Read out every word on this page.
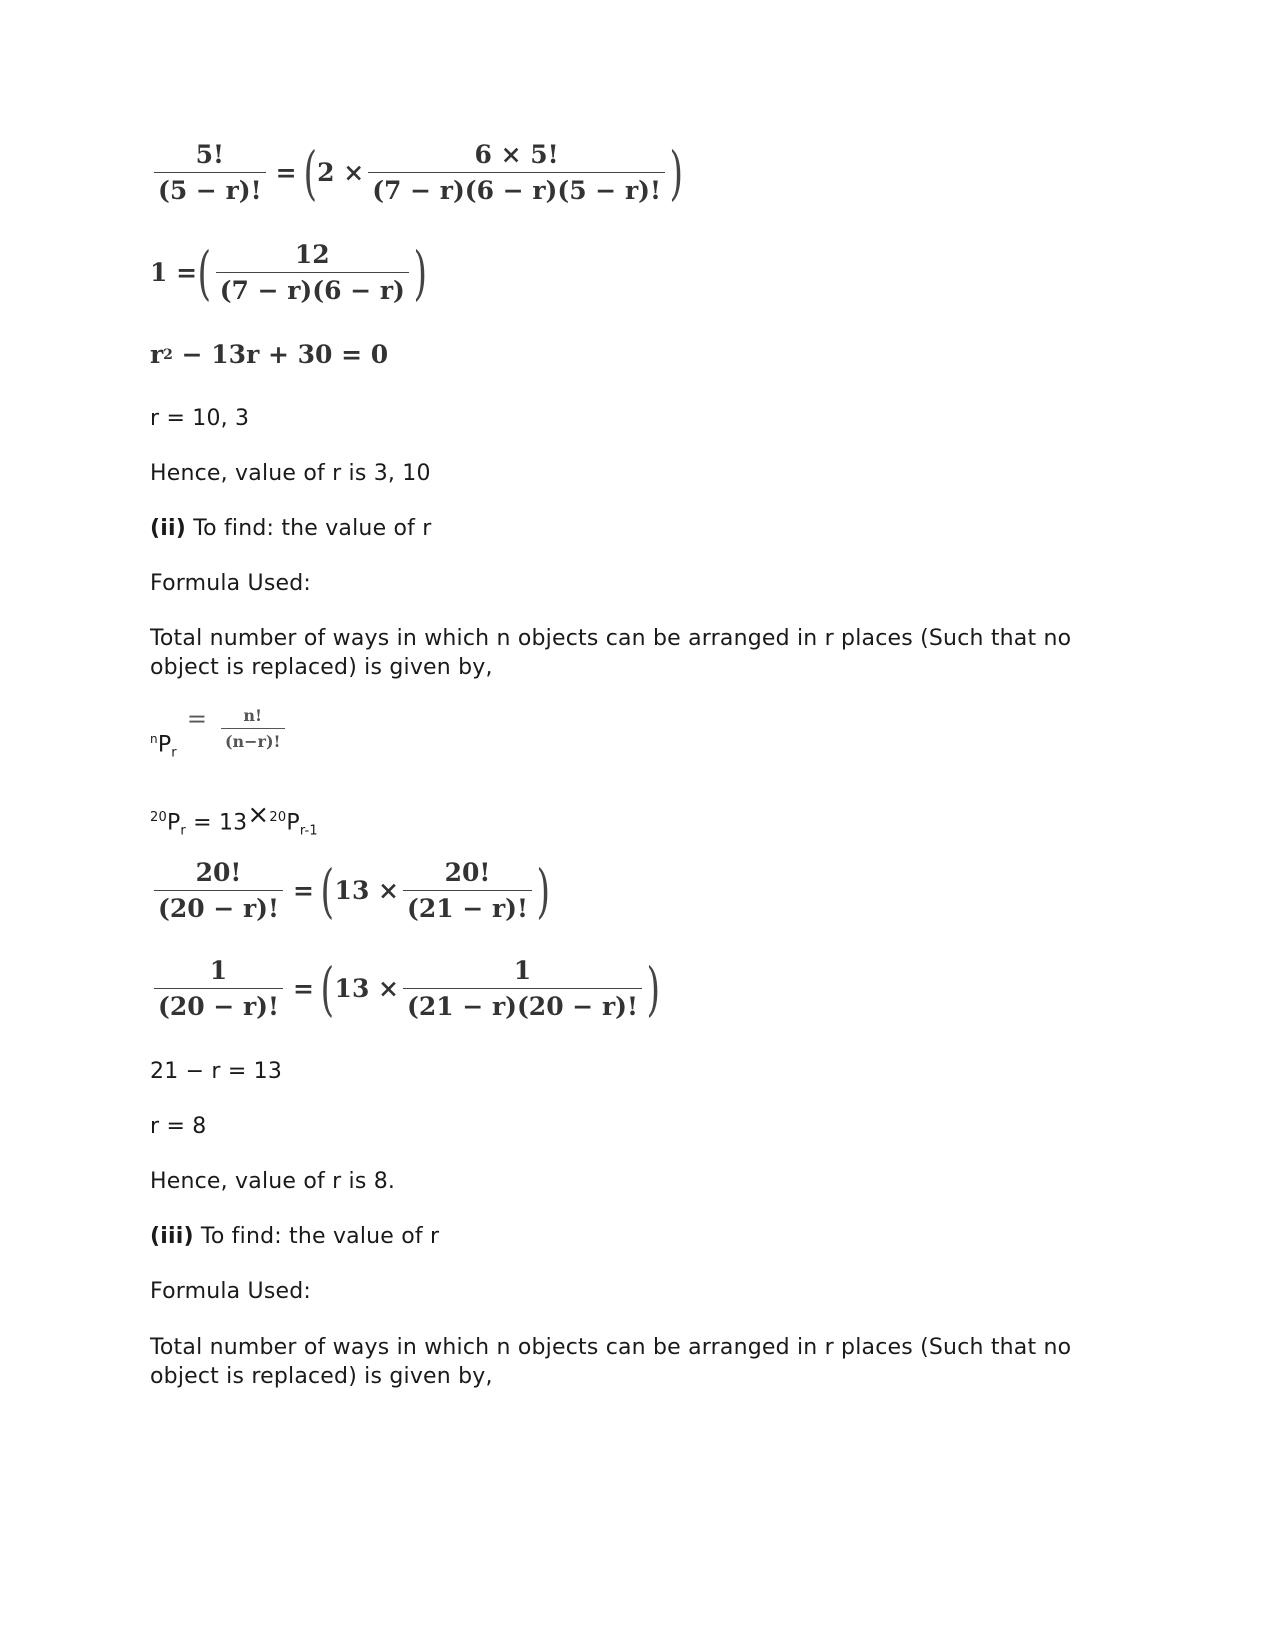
$\frac{5!}{(5 - r)!}$ = ( $2 \times \frac{6 \times 5!}{(7 - r)(6 - r)(5 - r)!}$ )
1 = ( $\frac{12}{(7 - r)(6 - r)}$ )
r 2 − 13r + 30 = 0
r = 10, 3
Hence, value of r is 3, 10
(ii) To find: the value of r
Formula Used:
Total number of ways in which n objects can be arranged in r places (Such that no
object is replaced) is given by,
$^nP_r$
= $\frac{n!}{(n-r)!}$
$^{20}P_r = 13\times^{20}P_{r-1}$
$\frac{20!}{(20 - r)!}$ = ( $13 \times \frac{20!}{(21 - r)!}$ )
$\frac{1}{(20 - r)!}$ = ( $13 \times \frac{1}{(21 - r)(20 - r)!}$ )
21 − r = 13
r = 8
Hence, value of r is 8.
(iii) To find: the value of r
Formula Used:
Total number of ways in which n objects can be arranged in r places (Such that no
object is replaced) is given by,
